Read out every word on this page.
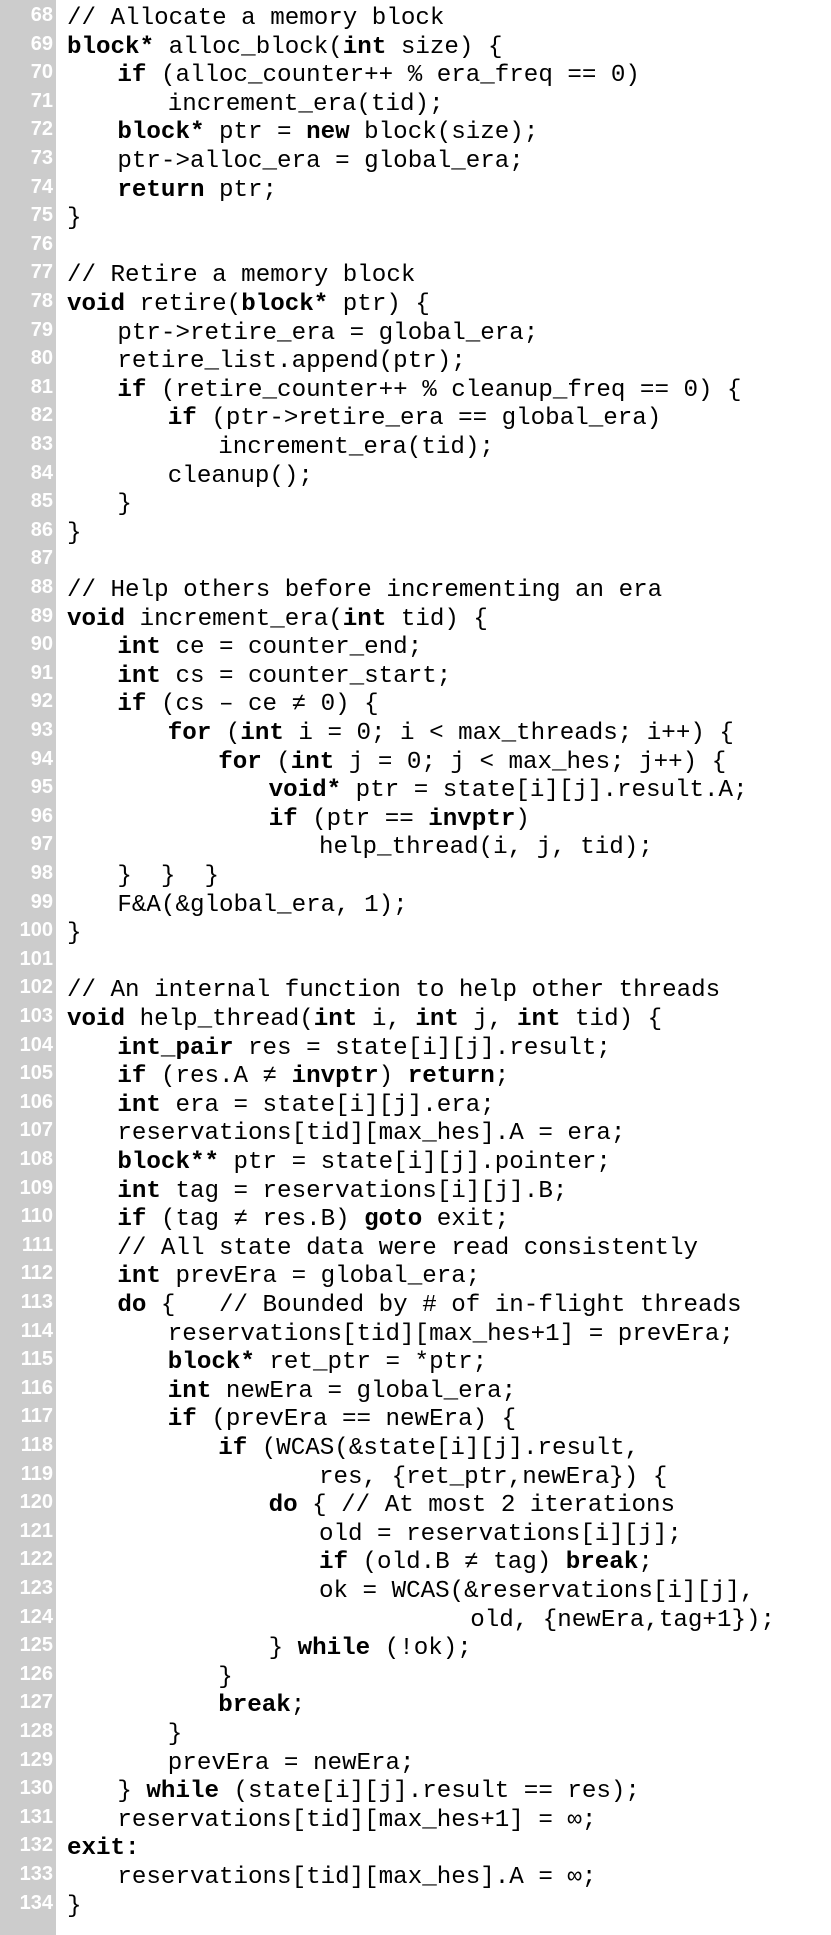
68 // Allocate a memory block
69 block* alloc_block(int size) {
70	if (alloc_counter++ % era_freq == 0)
71	increment_era(tid);
72	block* ptr = new block(size);
73	ptr->alloc_era = global_era;
74	return ptr;
75 }
76
77 // Retire a memory block
78 void retire(block* ptr) {
79	ptr->retire_era = global_era;
80	retire_list.append(ptr);
81	if (retire_counter++ % cleanup_freq == 0) {
82	if (ptr->retire_era == global_era)
83	increment_era(tid);
84	cleanup();
85	}
86 }
87
88 // Help others before incrementing an era
89 void increment_era(int tid) {
90	int ce = counter_end;
91	int cs = counter_start;
92	if (cs – ce ≠ 0) {
93	for (int i = 0; i < max_threads; i++) {
94	for (int j = 0; j < max_hes; j++) {
95	void* ptr = state[i][j].result.A;
96	if (ptr == invptr)
97	help_thread(i, j, tid);
98	}  }  }
99	F&A(&global_era, 1);
100 }
101
102 // An internal function to help other threads
103 void help_thread(int i, int j, int tid) {
104	int_pair res = state[i][j].result;
105	if (res.A ≠ invptr) return;
106	int era = state[i][j].era;
107	reservations[tid][max_hes].A = era;
108	block** ptr = state[i][j].pointer;
109	int tag = reservations[i][j].B;
110	if (tag ≠ res.B) goto exit;
111	// All state data were read consistently
112	int prevEra = global_era;
113	do {   // Bounded by # of in-flight threads
114	reservations[tid][max_hes+1] = prevEra;
115	block* ret_ptr = *ptr;
116	int newEra = global_era;
117	if (prevEra == newEra) {
118	if (WCAS(&state[i][j].result,
119	res, {ret_ptr,newEra}) {
120	do { // At most 2 iterations
121	old = reservations[i][j];
122	if (old.B ≠ tag) break;
123	ok = WCAS(&reservations[i][j],
124	old, {newEra,tag+1});
125	} while (!ok);
126	}
127	break;
128	}
129	prevEra = newEra;
130	} while (state[i][j].result == res);
131	reservations[tid][max_hes+1] = ∞;
132 exit:
133	reservations[tid][max_hes].A = ∞;
134 }
